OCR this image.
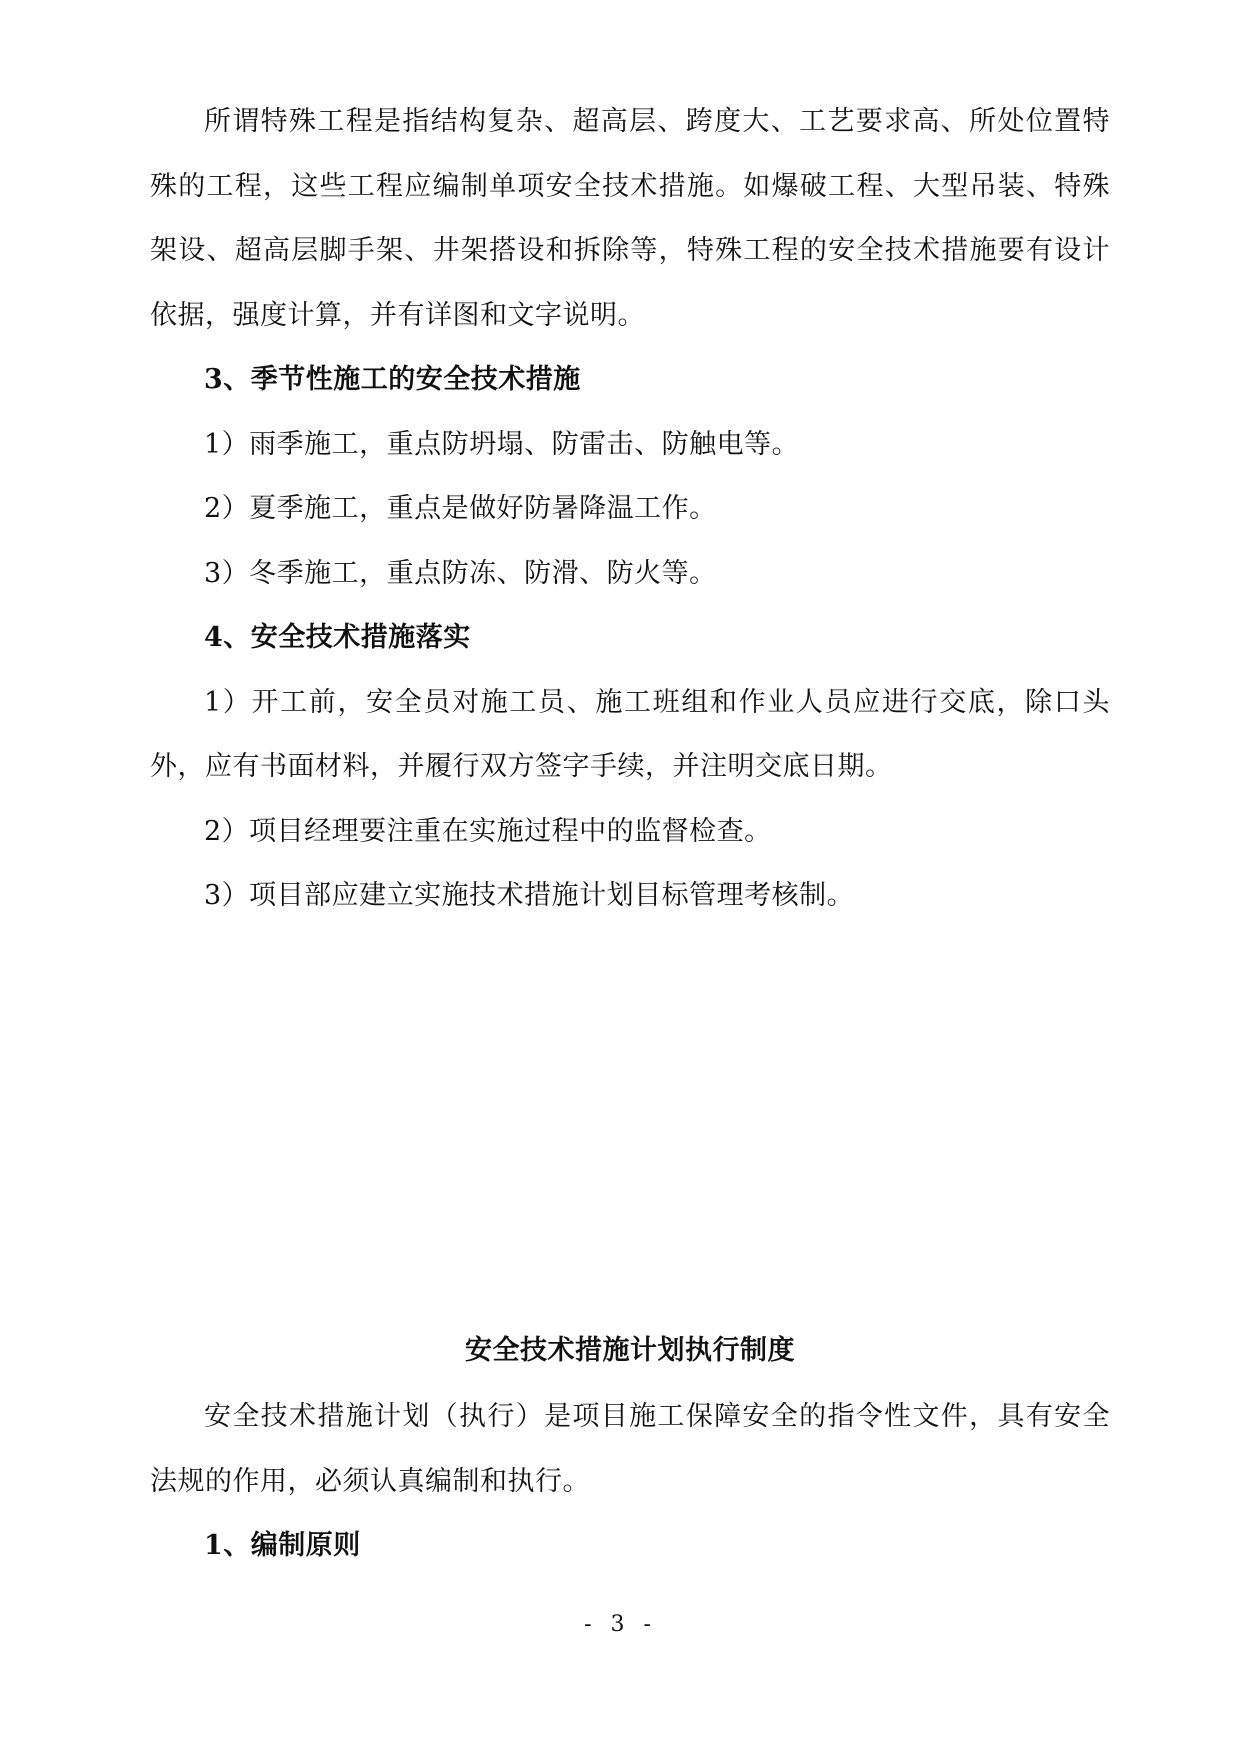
所谓特殊工程是指结构复杂、超高层、跨度大、工艺要求高、所处位置特殊的工程，这些工程应编制单项安全技术措施。如爆破工程、大型吊装、特殊架设、超高层脚手架、井架搭设和拆除等，特殊工程的安全技术措施要有设计依据，强度计算，并有详图和文字说明。

3、季节性施工的安全技术措施

1）雨季施工，重点防坍塌、防雷击、防触电等。

2）夏季施工，重点是做好防暑降温工作。

3）冬季施工，重点防冻、防滑、防火等。

4、安全技术措施落实

1）开工前，安全员对施工员、施工班组和作业人员应进行交底，除口头外，应有书面材料，并履行双方签字手续，并注明交底日期。

2）项目经理要注重在实施过程中的监督检查。

3）项目部应建立实施技术措施计划目标管理考核制。

安全技术措施计划执行制度

安全技术措施计划（执行）是项目施工保障安全的指令性文件，具有安全法规的作用，必须认真编制和执行。

1、编制原则

- 3 -
